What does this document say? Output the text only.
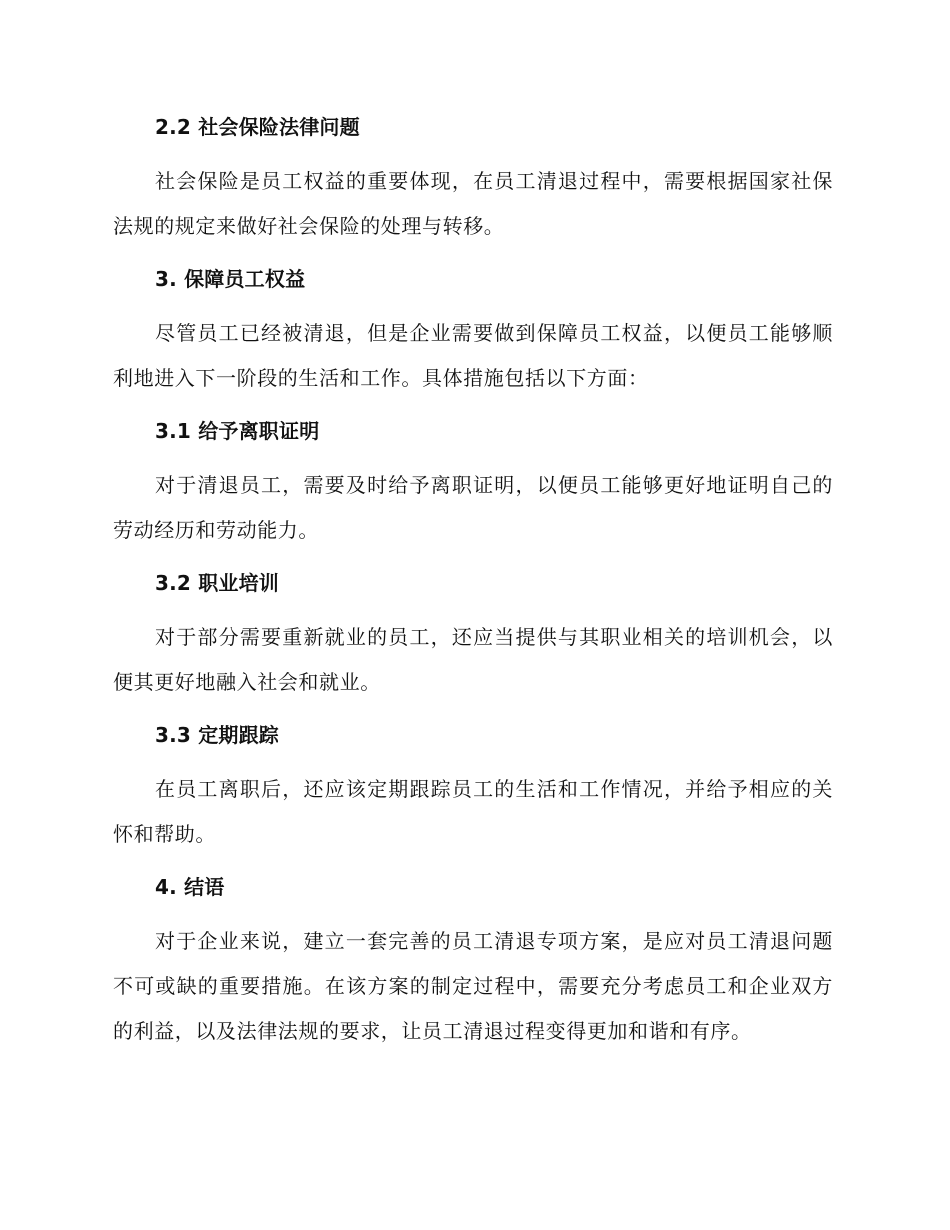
2.2 社会保险法律问题
社会保险是员工权益的重要体现，在员工清退过程中，需要根据国家社保法规的规定来做好社会保险的处理与转移。
3. 保障员工权益
尽管员工已经被清退，但是企业需要做到保障员工权益，以便员工能够顺利地进入下一阶段的生活和工作。具体措施包括以下方面：
3.1 给予离职证明
对于清退员工，需要及时给予离职证明，以便员工能够更好地证明自己的劳动经历和劳动能力。
3.2 职业培训
对于部分需要重新就业的员工，还应当提供与其职业相关的培训机会，以便其更好地融入社会和就业。
3.3 定期跟踪
在员工离职后，还应该定期跟踪员工的生活和工作情况，并给予相应的关怀和帮助。
4. 结语
对于企业来说，建立一套完善的员工清退专项方案，是应对员工清退问题不可或缺的重要措施。在该方案的制定过程中，需要充分考虑员工和企业双方的利益，以及法律法规的要求，让员工清退过程变得更加和谐和有序。
